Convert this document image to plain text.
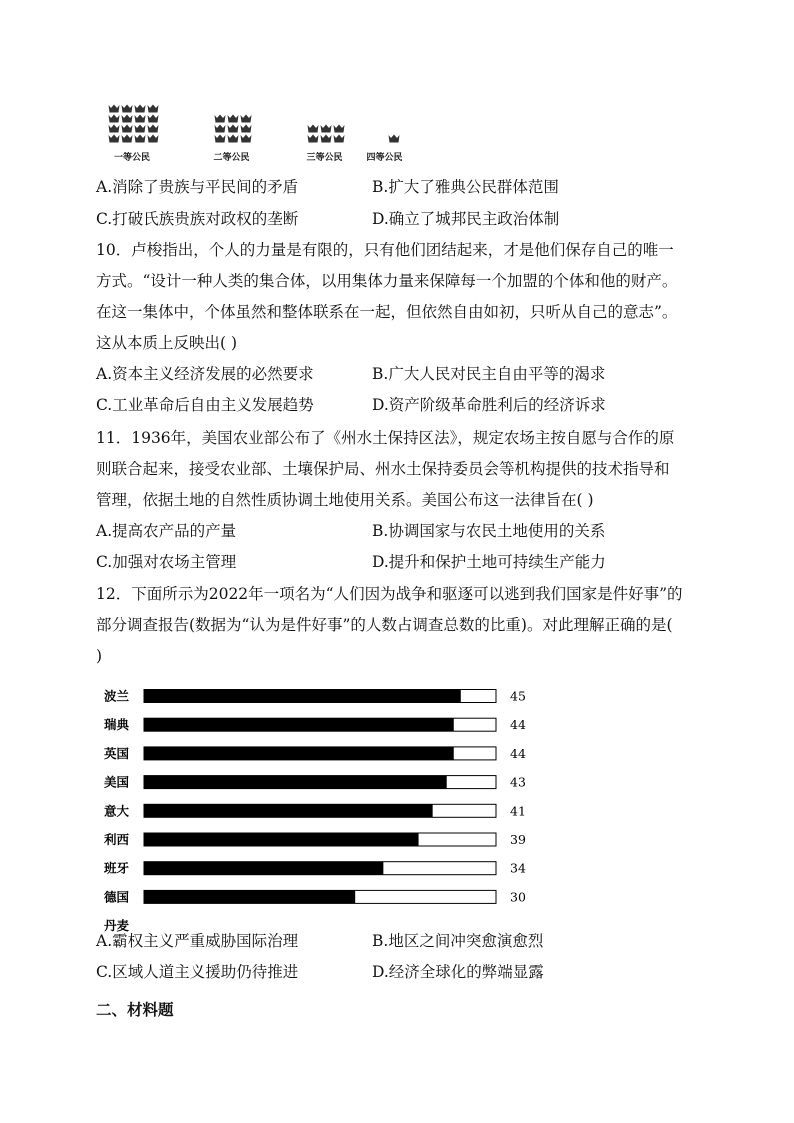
一等公民	二等公民	三等公民	四等公民
A.消除了贵族与平民间的矛盾	B.扩大了雅典公民群体范围
C.打破氏族贵族对政权的垄断	D.确立了城邦民主政治体制
10．卢梭指出，个人的力量是有限的，只有他们团结起来，才是他们保存自己的唯一
方式。“设计一种人类的集合体，以用集体力量来保障每一个加盟的个体和他的财产。
在这一集体中，个体虽然和整体联系在一起，但依然自由如初，只听从自己的意志”。
这从本质上反映出( )
A.资本主义经济发展的必然要求	B.广大人民对民主自由平等的渴求
C.工业革命后自由主义发展趋势	D.资产阶级革命胜利后的经济诉求
11．1936年，美国农业部公布了《州水土保持区法》，规定农场主按自愿与合作的原
则联合起来，接受农业部、土壤保护局、州水土保持委员会等机构提供的技术指导和
管理，依据土地的自然性质协调土地使用关系。美国公布这一法律旨在( )
A.提高农产品的产量	B.协调国家与农民土地使用的关系
C.加强对农场主管理	D.提升和保护土地可持续生产能力
12．下面所示为2022年一项名为“人们因为战争和驱逐可以逃到我们国家是件好事”的
部分调查报告(数据为“认为是件好事”的人数占调查总数的比重)。对此理解正确的是(
)
波兰
瑞典
英国
美国
意大
利西
班牙
德国
丹麦
45
44
44
43
41
39
34
30
A.霸权主义严重威胁国际治理	B.地区之间冲突愈演愈烈
C.区域人道主义援助仍待推进	D.经济全球化的弊端显露
二、材料题
